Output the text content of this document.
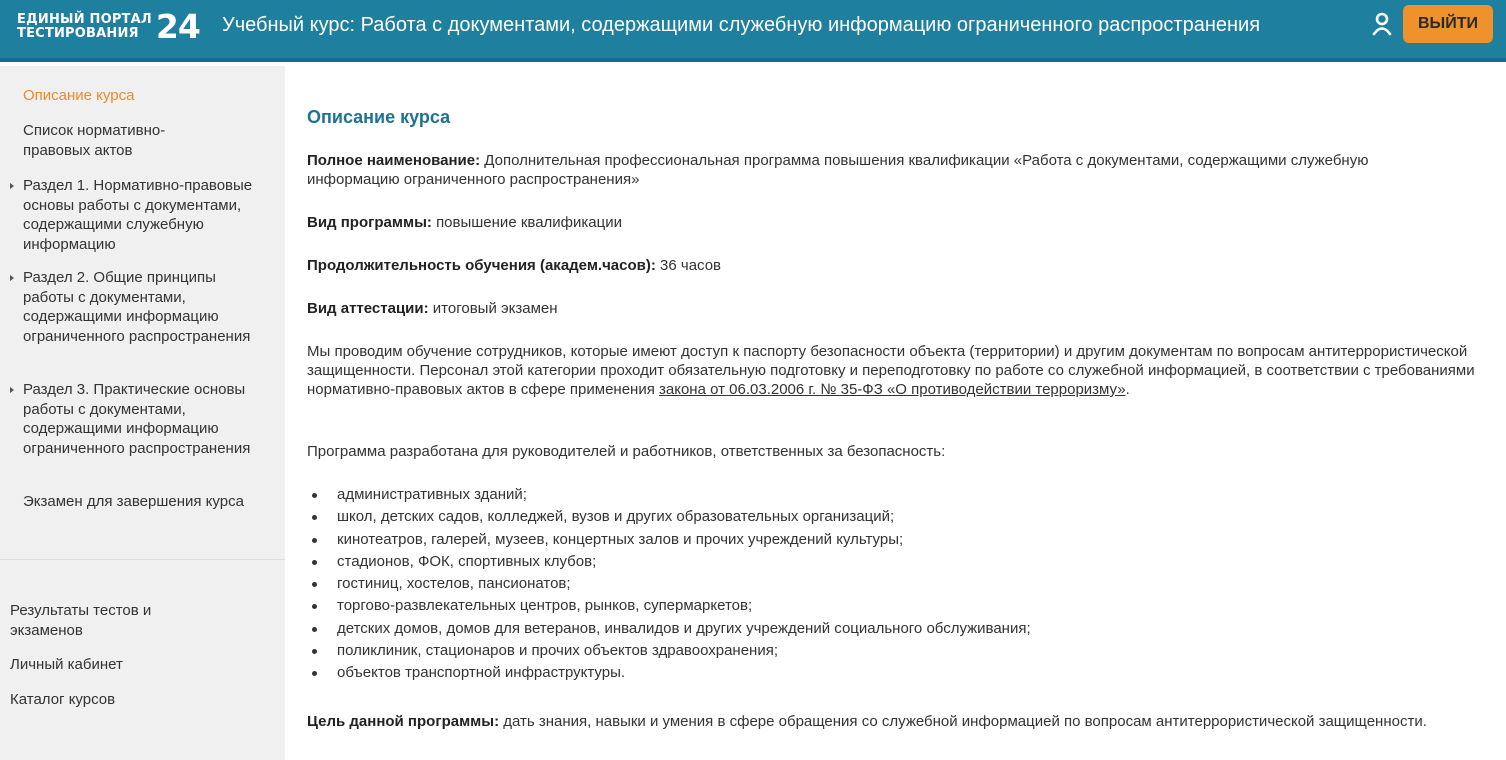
ЕДИНЫЙ ПОРТАЛ
ТЕСТИРОВАНИЯ 24 Учебный курс: Работа с документами, содержащими служебную информацию ограниченного распространения	ВЫЙТИ
Описание курса
Список нормативно-правовых актов
Раздел 1. Нормативно-правовые основы работы с документами, содержащими служебную информацию
Раздел 2. Общие принципы работы с документами, содержащими информацию ограниченного распространения
Раздел 3. Практические основы работы с документами, содержащими информацию ограниченного распространения
Экзамен для завершения курса
Результаты тестов и экзаменов
Личный кабинет
Каталог курсов
Описание курса

Полное наименование: Дополнительная профессиональная программа повышения квалификации «Работа с документами, содержащими служебную информацию ограниченного распространения»

Вид программы: повышение квалификации

Продолжительность обучения (академ.часов): 36 часов

Вид аттестации: итоговый экзамен

Мы проводим обучение сотрудников, которые имеют доступ к паспорту безопасности объекта (территории) и другим документам по вопросам антитеррористической защищенности. Персонал этой категории проходит обязательную подготовку и переподготовку по работе со служебной информацией, в соответствии с требованиями нормативно-правовых актов в сфере применения закона от 06.03.2006 г. № 35-ФЗ «О противодействии терроризму».

Программа разработана для руководителей и работников, ответственных за безопасность:

административных зданий;
школ, детских садов, колледжей, вузов и других образовательных организаций;
кинотеатров, галерей, музеев, концертных залов и прочих учреждений культуры;
стадионов, ФОК, спортивных клубов;
гостиниц, хостелов, пансионатов;
торгово-развлекательных центров, рынков, супермаркетов;
детских домов, домов для ветеранов, инвалидов и других учреждений социального обслуживания;
поликлиник, стационаров и прочих объектов здравоохранения;
объектов транспортной инфраструктуры.

Цель данной программы: дать знания, навыки и умения в сфере обращения со служебной информацией по вопросам антитеррористической защищенности.
